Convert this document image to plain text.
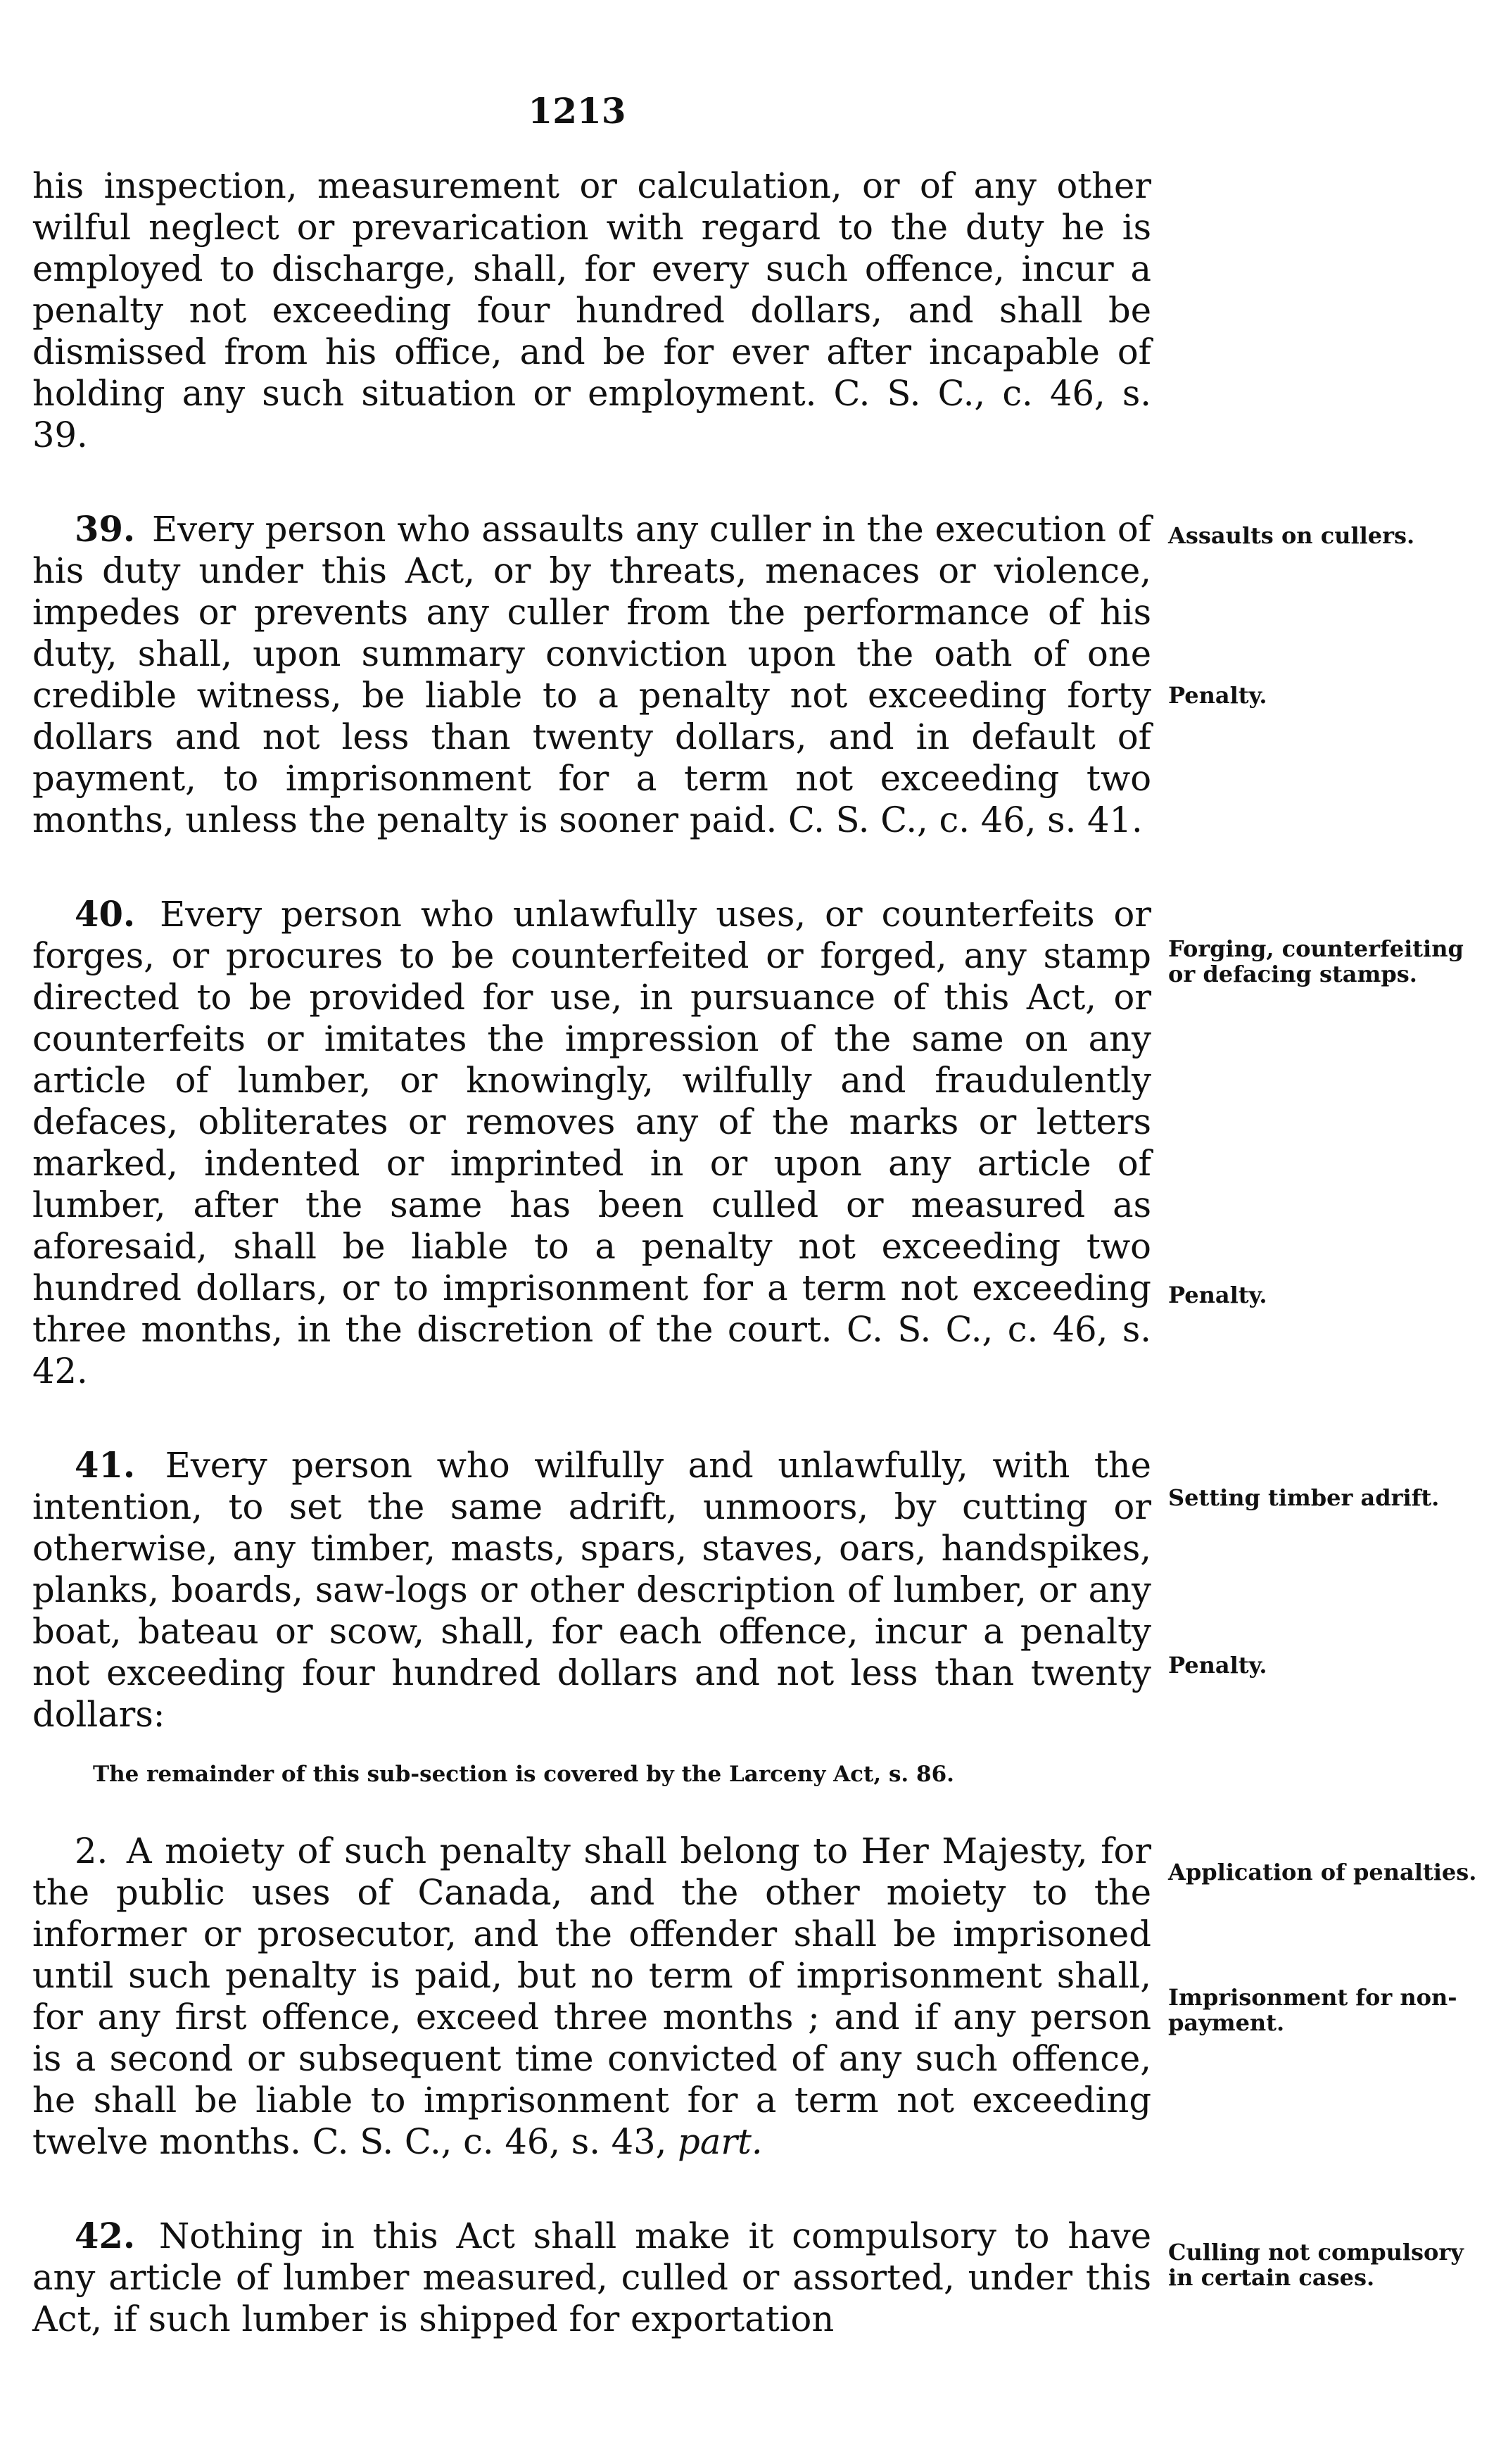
1213

his inspection, measurement or calculation, or of any other wilful neglect or prevarication with regard to the duty he is employed to discharge, shall, for every such offence, incur a penalty not exceeding four hundred dollars, and shall be dismissed from his office, and be for ever after incapable of holding any such situation or employment. C. S. C., c. 46, s. 39.

39. Every person who assaults any culler in the execution of his duty under this Act, or by threats, menaces or violence, impedes or prevents any culler from the performance of his duty, shall, upon summary conviction upon the oath of one credible witness, be liable to a penalty not exceeding forty dollars and not less than twenty dollars, and in default of payment, to imprisonment for a term not exceeding two months, unless the penalty is sooner paid. C. S. C., c. 46, s. 41.

40. Every person who unlawfully uses, or counterfeits or forges, or procures to be counterfeited or forged, any stamp directed to be provided for use, in pursuance of this Act, or counterfeits or imitates the impression of the same on any article of lumber, or knowingly, wilfully and fraudulently defaces, obliterates or removes any of the marks or letters marked, indented or imprinted in or upon any article of lumber, after the same has been culled or measured as aforesaid, shall be liable to a penalty not exceeding two hundred dollars, or to imprisonment for a term not exceeding three months, in the discretion of the court. C. S. C., c. 46, s. 42.

41. Every person who wilfully and unlawfully, with the intention, to set the same adrift, unmoors, by cutting or otherwise, any timber, masts, spars, staves, oars, handspikes, planks, boards, saw-logs or other description of lumber, or any boat, bateau or scow, shall, for each offence, incur a penalty not exceeding four hundred dollars and not less than twenty dollars:

The remainder of this sub-section is covered by the Larceny Act, s. 86.

2. A moiety of such penalty shall belong to Her Majesty, for the public uses of Canada, and the other moiety to the informer or prosecutor, and the offender shall be imprisoned until such penalty is paid, but no term of imprisonment shall, for any first offence, exceed three months ; and if any person is a second or subsequent time convicted of any such offence, he shall be liable to imprisonment for a term not exceeding twelve months. C. S. C., c. 46, s. 43, part.

42. Nothing in this Act shall make it compulsory to have any article of lumber measured, culled or assorted, under this Act, if such lumber is shipped for exportation

Assaults on cullers.
Penalty.
Forging, counterfeiting or defacing stamps.
Penalty.
Setting timber adrift.
Penalty.
Application of penalties.
Imprisonment for non-payment.
Culling not compulsory in certain cases.
